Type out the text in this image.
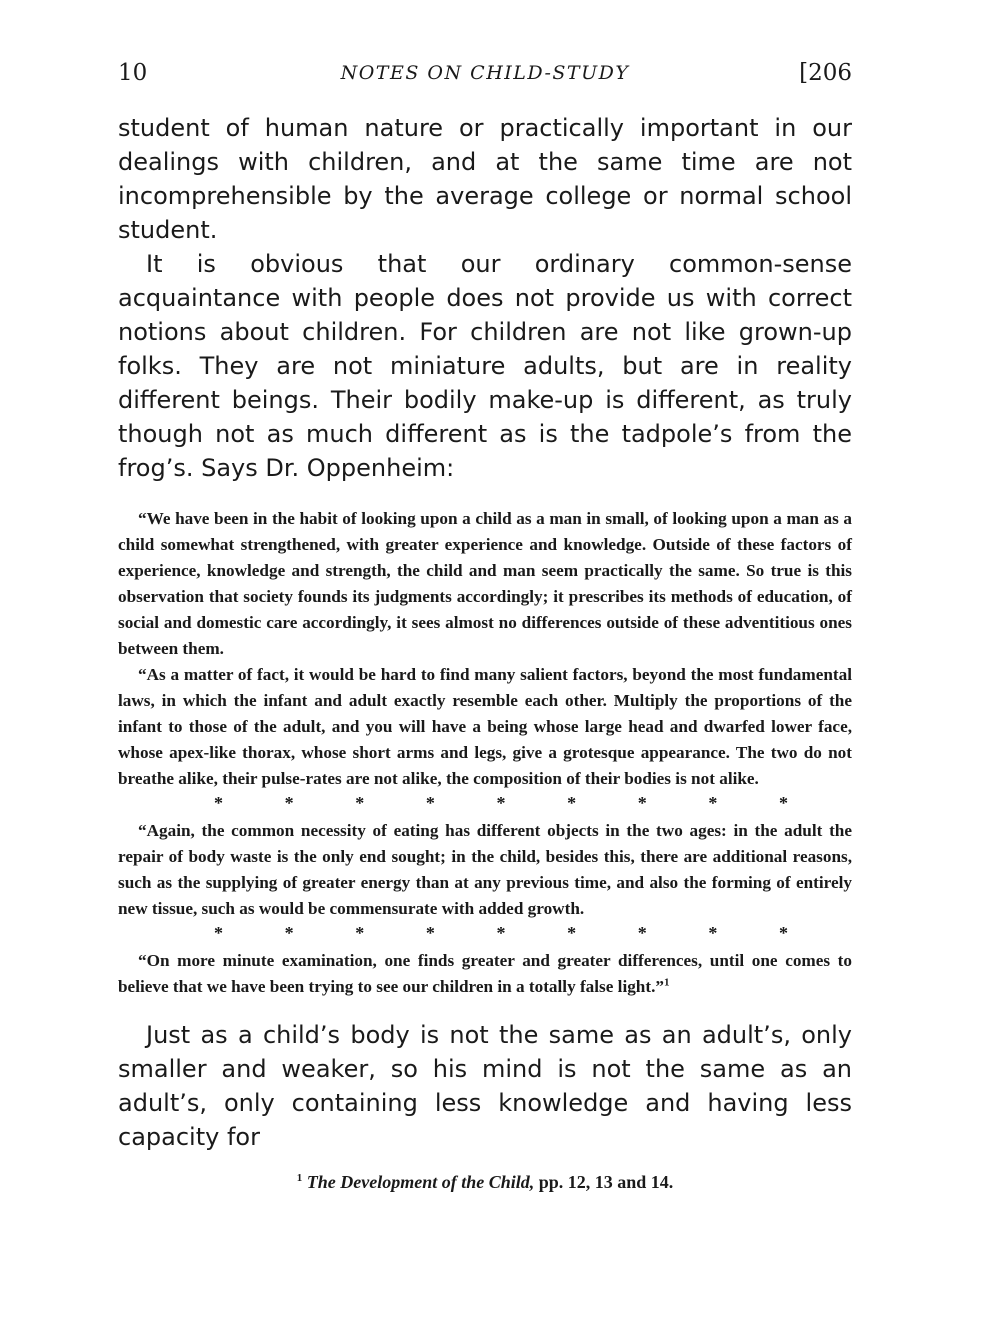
10	NOTES ON CHILD-STUDY	[206

student of human nature or practically important in our dealings with children, and at the same time are not incomprehensible by the average college or normal school student.

It is obvious that our ordinary common-sense acquaintance with people does not provide us with correct notions about children. For children are not like grown-up folks. They are not miniature adults, but are in reality different beings. Their bodily make-up is different, as truly though not as much different as is the tadpole’s from the frog’s. Says Dr. Oppenheim:

“We have been in the habit of looking upon a child as a man in small, of looking upon a man as a child somewhat strengthened, with greater experience and knowledge. Outside of these factors of experience, knowledge and strength, the child and man seem practically the same. So true is this observation that society founds its judgments accordingly; it prescribes its methods of education, of social and domestic care accordingly, it sees almost no differences outside of these adventitious ones between them.

“As a matter of fact, it would be hard to find many salient factors, beyond the most fundamental laws, in which the infant and adult exactly resemble each other. Multiply the proportions of the infant to those of the adult, and you will have a being whose large head and dwarfed lower face, whose apex-like thorax, whose short arms and legs, give a grotesque appearance. The two do not breathe alike, their pulse-rates are not alike, the composition of their bodies is not alike.

*	*	*	*	*	*	*	*	*

“Again, the common necessity of eating has different objects in the two ages: in the adult the repair of body waste is the only end sought; in the child, besides this, there are additional reasons, such as the supplying of greater energy than at any previous time, and also the forming of entirely new tissue, such as would be commensurate with added growth.

*	*	*	*	*	*	*	*	*

“On more minute examination, one finds greater and greater differences, until one comes to believe that we have been trying to see our children in a totally false light.”$^1$

Just as a child’s body is not the same as an adult’s, only smaller and weaker, so his mind is not the same as an adult’s, only containing less knowledge and having less capacity for

$^1$ The Development of the Child, pp. 12, 13 and 14.
